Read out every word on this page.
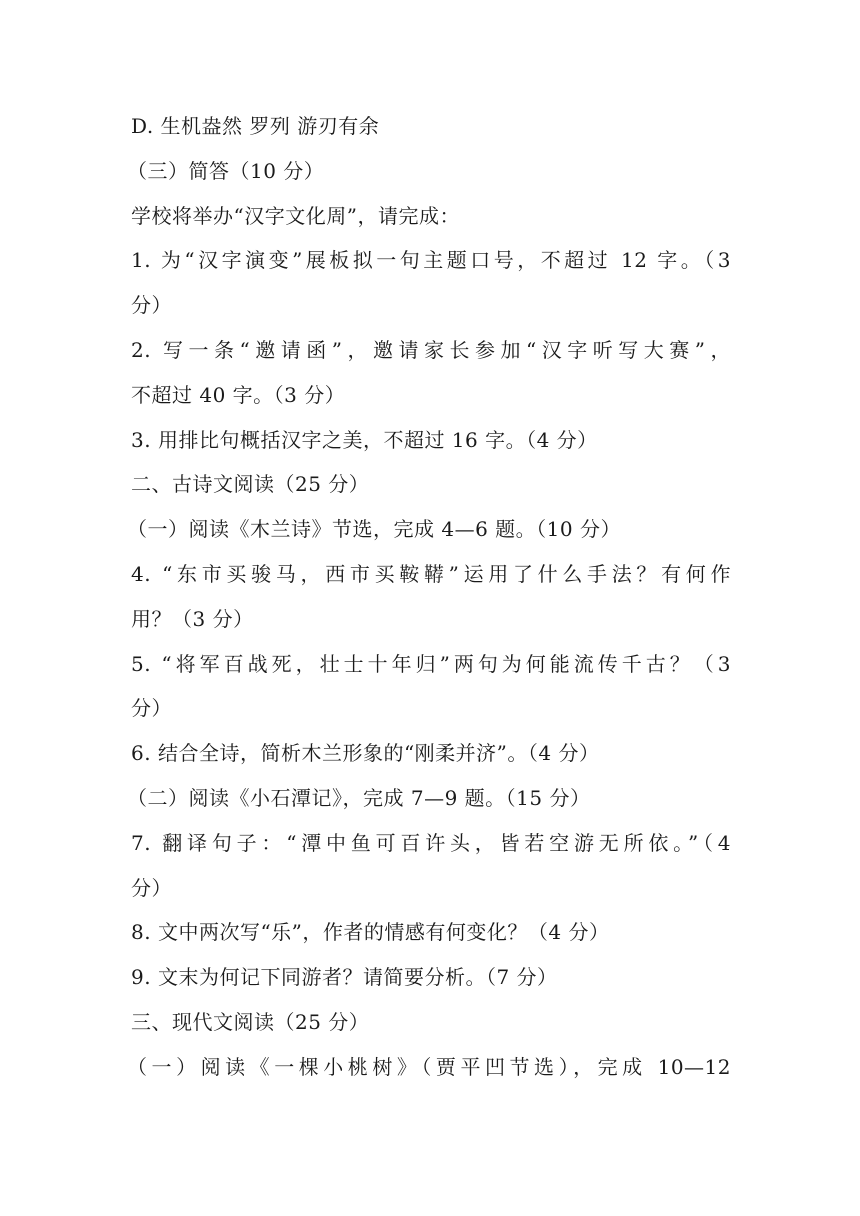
D. 生机盎然 罗列 游刃有余
（三）简答（10 分）
学校将举办“汉字文化周”，请完成：
1. 为“汉字演变”展板拟一句主题口号，不超过 12 字。（3
分）
2. 写一条“邀请函”，邀请家长参加“汉字听写大赛”，
不超过 40 字。（3 分）
3. 用排比句概括汉字之美，不超过 16 字。（4 分）
二、古诗文阅读（25 分）
（一）阅读《木兰诗》节选，完成 4—6 题。（10 分）
4. “东市买骏马，西市买鞍鞯”运用了什么手法？有何作
用？（3 分）
5. “将军百战死，壮士十年归”两句为何能流传千古？（3
分）
6. 结合全诗，简析木兰形象的“刚柔并济”。（4 分）
（二）阅读《小石潭记》，完成 7—9 题。（15 分）
7. 翻译句子：“潭中鱼可百许头，皆若空游无所依。”（4
分）
8. 文中两次写“乐”，作者的情感有何变化？（4 分）
9. 文末为何记下同游者？请简要分析。（7 分）
三、现代文阅读（25 分）
（一）阅读《一棵小桃树》（贾平凹节选），完成 10—12
